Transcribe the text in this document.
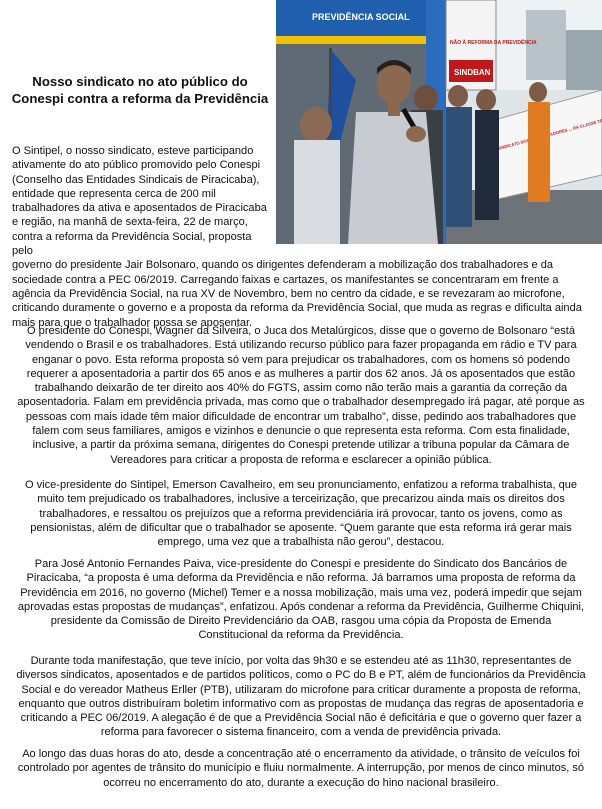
Nosso sindicato no ato público do
Conespi contra a reforma da Previdência
PREVIDÊNCIA SOCIAL
NÃO À REFORMA DA PREVIDÊNCIA
SINDBAN
SINDICATO DOS ... DA CLASSE
O Sintipel, o nosso sindicato, esteve participando
ativamente do ato público promovido pelo Conespi
(Conselho das Entidades Sindicais de Piracicaba),
entidade que representa cerca de 200 mil
trabalhadores da ativa e aposentados de Piracicaba
e região, na manhã de sexta-feira, 22 de março,
contra a reforma da Previdência Social, proposta pelo
governo do presidente Jair Bolsonaro, quando os dirigentes defenderam a mobilização dos trabalhadores e da
sociedade contra a PEC 06/2019. Carregando faixas e cartazes, os manifestantes se concentraram em frente a
agência da Previdência Social, na rua XV de Novembro, bem no centro da cidade, e se revezaram ao microfone,
criticando duramente o governo e a proposta da reforma da Previdência Social, que muda as regras e dificulta ainda
mais para que o trabalhador possa se aposentar.
O presidente do Conespi, Wagner da Silveira, o Juca dos Metalúrgicos, disse que o governo de Bolsonaro “está
vendendo o Brasil e os trabalhadores. Está utilizando recurso público para fazer propaganda em rádio e TV para
enganar o povo. Esta reforma proposta só vem para prejudicar os trabalhadores, com os homens só podendo
requerer a aposentadoria a partir dos 65 anos e as mulheres a partir dos 62 anos. Já os aposentados que estão
trabalhando deixarão de ter direito aos 40% do FGTS, assim como não terão mais a garantia da correção da
aposentadoria. Falam em previdência privada, mas como que o trabalhador desempregado irá pagar, até porque as
pessoas com mais idade têm maior dificuldade de encontrar um trabalho”, disse, pedindo aos trabalhadores que
falem com seus familiares, amigos e vizinhos e denuncie o que representa esta reforma. Com esta finalidade,
inclusive, a partir da próxima semana, dirigentes do Conespi pretende utilizar a tribuna popular da Câmara de
Vereadores para criticar a proposta de reforma e esclarecer a opinião pública.
O vice-presidente do Sintipel, Emerson Cavalheiro, em seu pronunciamento, enfatizou a reforma trabalhista, que
muito tem prejudicado os trabalhadores, inclusive a terceirização, que precarizou ainda mais os direitos dos
trabalhadores, e ressaltou os prejuízos que a reforma previdenciária irá provocar, tanto os jovens, como as
pensionistas, além de dificultar que o trabalhador se aposente. “Quem garante que esta reforma irá gerar mais
emprego, uma vez que a trabalhista não gerou”, destacou.
Para José Antonio Fernandes Paiva, vice-presidente do Conespi e presidente do Sindicato dos Bancários de
Piracicaba, “a proposta é uma deforma da Previdência e não reforma. Já barramos uma proposta de reforma da
Previdência em 2016, no governo (Michel) Temer e a nossa mobilização, mais uma vez, poderá impedir que sejam
aprovadas estas propostas de mudanças”, enfatizou. Após condenar a reforma da Previdência, Guilherme Chiquini,
presidente da Comissão de Direito Previdenciário da OAB, rasgou uma cópia da Proposta de Emenda
Constitucional da reforma da Previdência.
Durante toda manifestação, que teve início, por volta das 9h30 e se estendeu até as 11h30, representantes de
diversos sindicatos, aposentados e de partidos políticos, como o PC do B e PT, além de funcionários da Previdência
Social e do vereador Matheus Erller (PTB), utilizaram do microfone para criticar duramente a proposta de reforma,
enquanto que outros distribuíram boletim informativo com as propostas de mudança das regras de aposentadoria e
criticando a PEC 06/2019. A alegação é de que a Previdência Social não é deficitária e que o governo quer fazer a
reforma para favorecer o sistema financeiro, com a venda de previdência privada.
Ao longo das duas horas do ato, desde a concentração até o encerramento da atividade, o trânsito de veículos foi
controlado por agentes de trânsito do município e fluiu normalmente. A interrupção, por menos de cinco minutos, só
ocorreu no encerramento do ato, durante a execução do hino nacional brasileiro.
